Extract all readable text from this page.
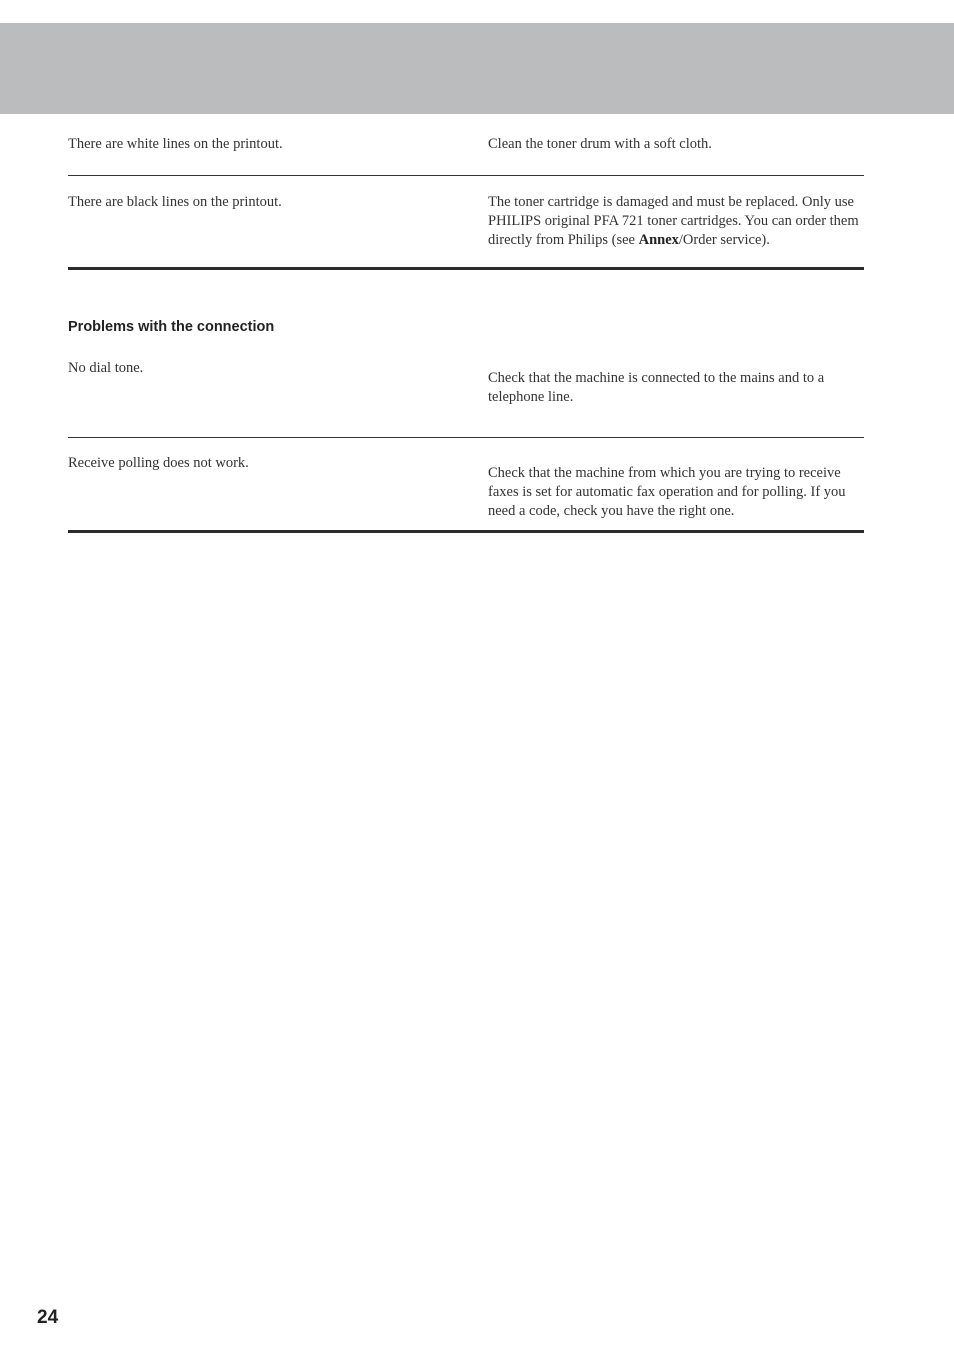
There are white lines on the printout.	Clean the toner drum with a soft cloth.
There are black lines on the printout.	The toner cartridge is damaged and must be replaced. Only use PHILIPS original PFA 721 toner cartridges. You can order them directly from Philips (see Annex/Order service).
Problems with the connection
No dial tone.
Check that the machine is connected to the mains and to a telephone line.
Receive polling does not work.
Check that the machine from which you are trying to receive faxes is set for automatic fax operation and for polling. If you need a code, check you have the right one.
24
